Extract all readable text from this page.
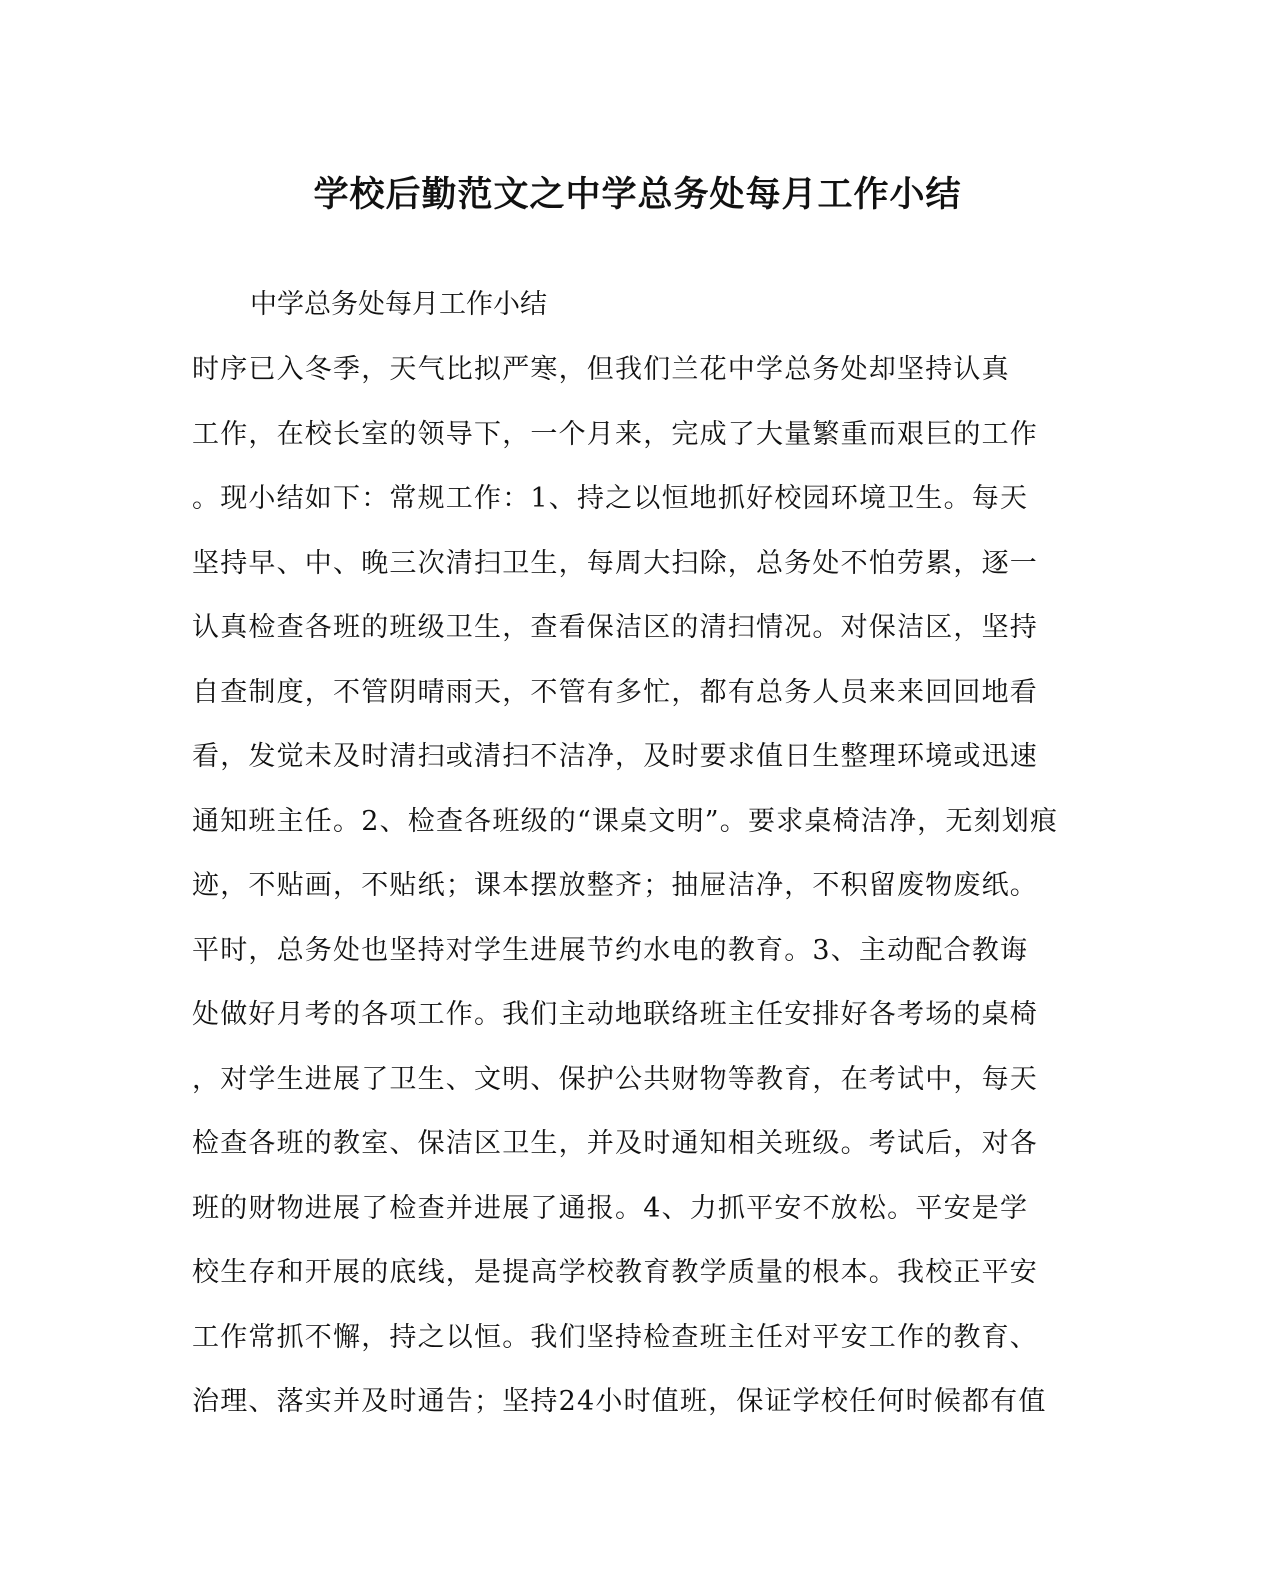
学校后勤范文之中学总务处每月工作小结
中学总务处每月工作小结
时序已入冬季，天气比拟严寒，但我们兰花中学总务处却坚持认真
工作，在校长室的领导下，一个月来，完成了大量繁重而艰巨的工作
。现小结如下：常规工作：1、持之以恒地抓好校园环境卫生。每天
坚持早、中、晚三次清扫卫生，每周大扫除，总务处不怕劳累，逐一
认真检查各班的班级卫生，查看保洁区的清扫情况。对保洁区，坚持
自查制度，不管阴晴雨天，不管有多忙，都有总务人员来来回回地看
看，发觉未及时清扫或清扫不洁净，及时要求值日生整理环境或迅速
通知班主任。2、检查各班级的“课桌文明”。要求桌椅洁净，无刻划痕
迹，不贴画，不贴纸；课本摆放整齐；抽屉洁净，不积留废物废纸。
平时，总务处也坚持对学生进展节约水电的教育。3、主动配合教诲
处做好月考的各项工作。我们主动地联络班主任安排好各考场的桌椅
，对学生进展了卫生、文明、保护公共财物等教育，在考试中，每天
检查各班的教室、保洁区卫生，并及时通知相关班级。考试后，对各
班的财物进展了检查并进展了通报。4、力抓平安不放松。平安是学
校生存和开展的底线，是提高学校教育教学质量的根本。我校正平安
工作常抓不懈，持之以恒。我们坚持检查班主任对平安工作的教育、
治理、落实并及时通告；坚持24小时值班，保证学校任何时候都有值
